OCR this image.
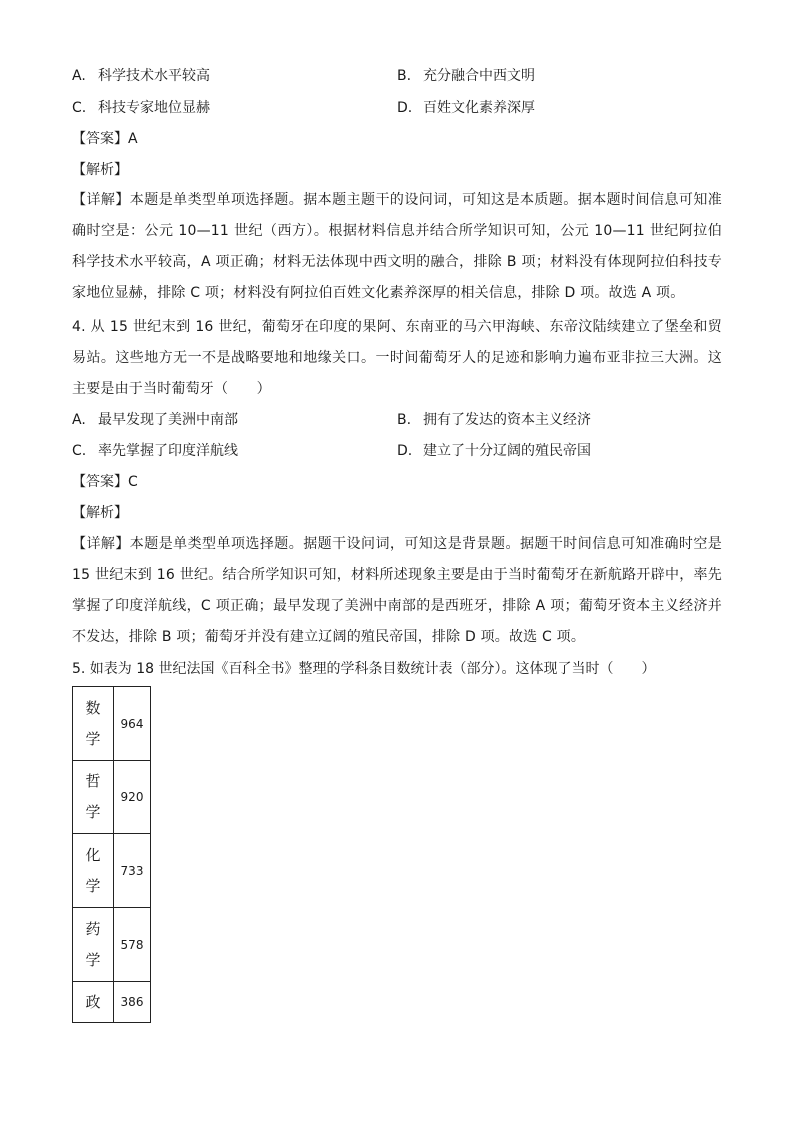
A. 科学技术水平较高	B. 充分融合中西文明
C. 科技专家地位显赫	D. 百姓文化素养深厚
【答案】A
【解析】
【详解】本题是单类型单项选择题。据本题主题干的设问词，可知这是本质题。据本题时间信息可知准确时空是：公元 10—11 世纪（西方）。根据材料信息并结合所学知识可知，公元 10—11 世纪阿拉伯科学技术水平较高，A 项正确；材料无法体现中西文明的融合，排除 B 项；材料没有体现阿拉伯科技专家地位显赫，排除 C 项；材料没有阿拉伯百姓文化素养深厚的相关信息，排除 D 项。故选 A 项。
4. 从 15 世纪末到 16 世纪，葡萄牙在印度的果阿、东南亚的马六甲海峡、东帝汶陆续建立了堡垒和贸易站。这些地方无一不是战略要地和地缘关口。一时间葡萄牙人的足迹和影响力遍布亚非拉三大洲。这主要是由于当时葡萄牙（　　）
A. 最早发现了美洲中南部	B. 拥有了发达的资本主义经济
C. 率先掌握了印度洋航线	D. 建立了十分辽阔的殖民帝国
【答案】C
【解析】
【详解】本题是单类型单项选择题。据题干设问词，可知这是背景题。据题干时间信息可知准确时空是 15 世纪末到 16 世纪。结合所学知识可知，材料所述现象主要是由于当时葡萄牙在新航路开辟中，率先掌握了印度洋航线，C 项正确；最早发现了美洲中南部的是西班牙，排除 A 项；葡萄牙资本主义经济并不发达，排除 B 项；葡萄牙并没有建立辽阔的殖民帝国，排除 D 项。故选 C 项。
5. 如表为 18 世纪法国《百科全书》整理的学科条目数统计表（部分）。这体现了当时（　　）
数
学	964

哲
学	920

化
学	733

药
学	578

政	386
